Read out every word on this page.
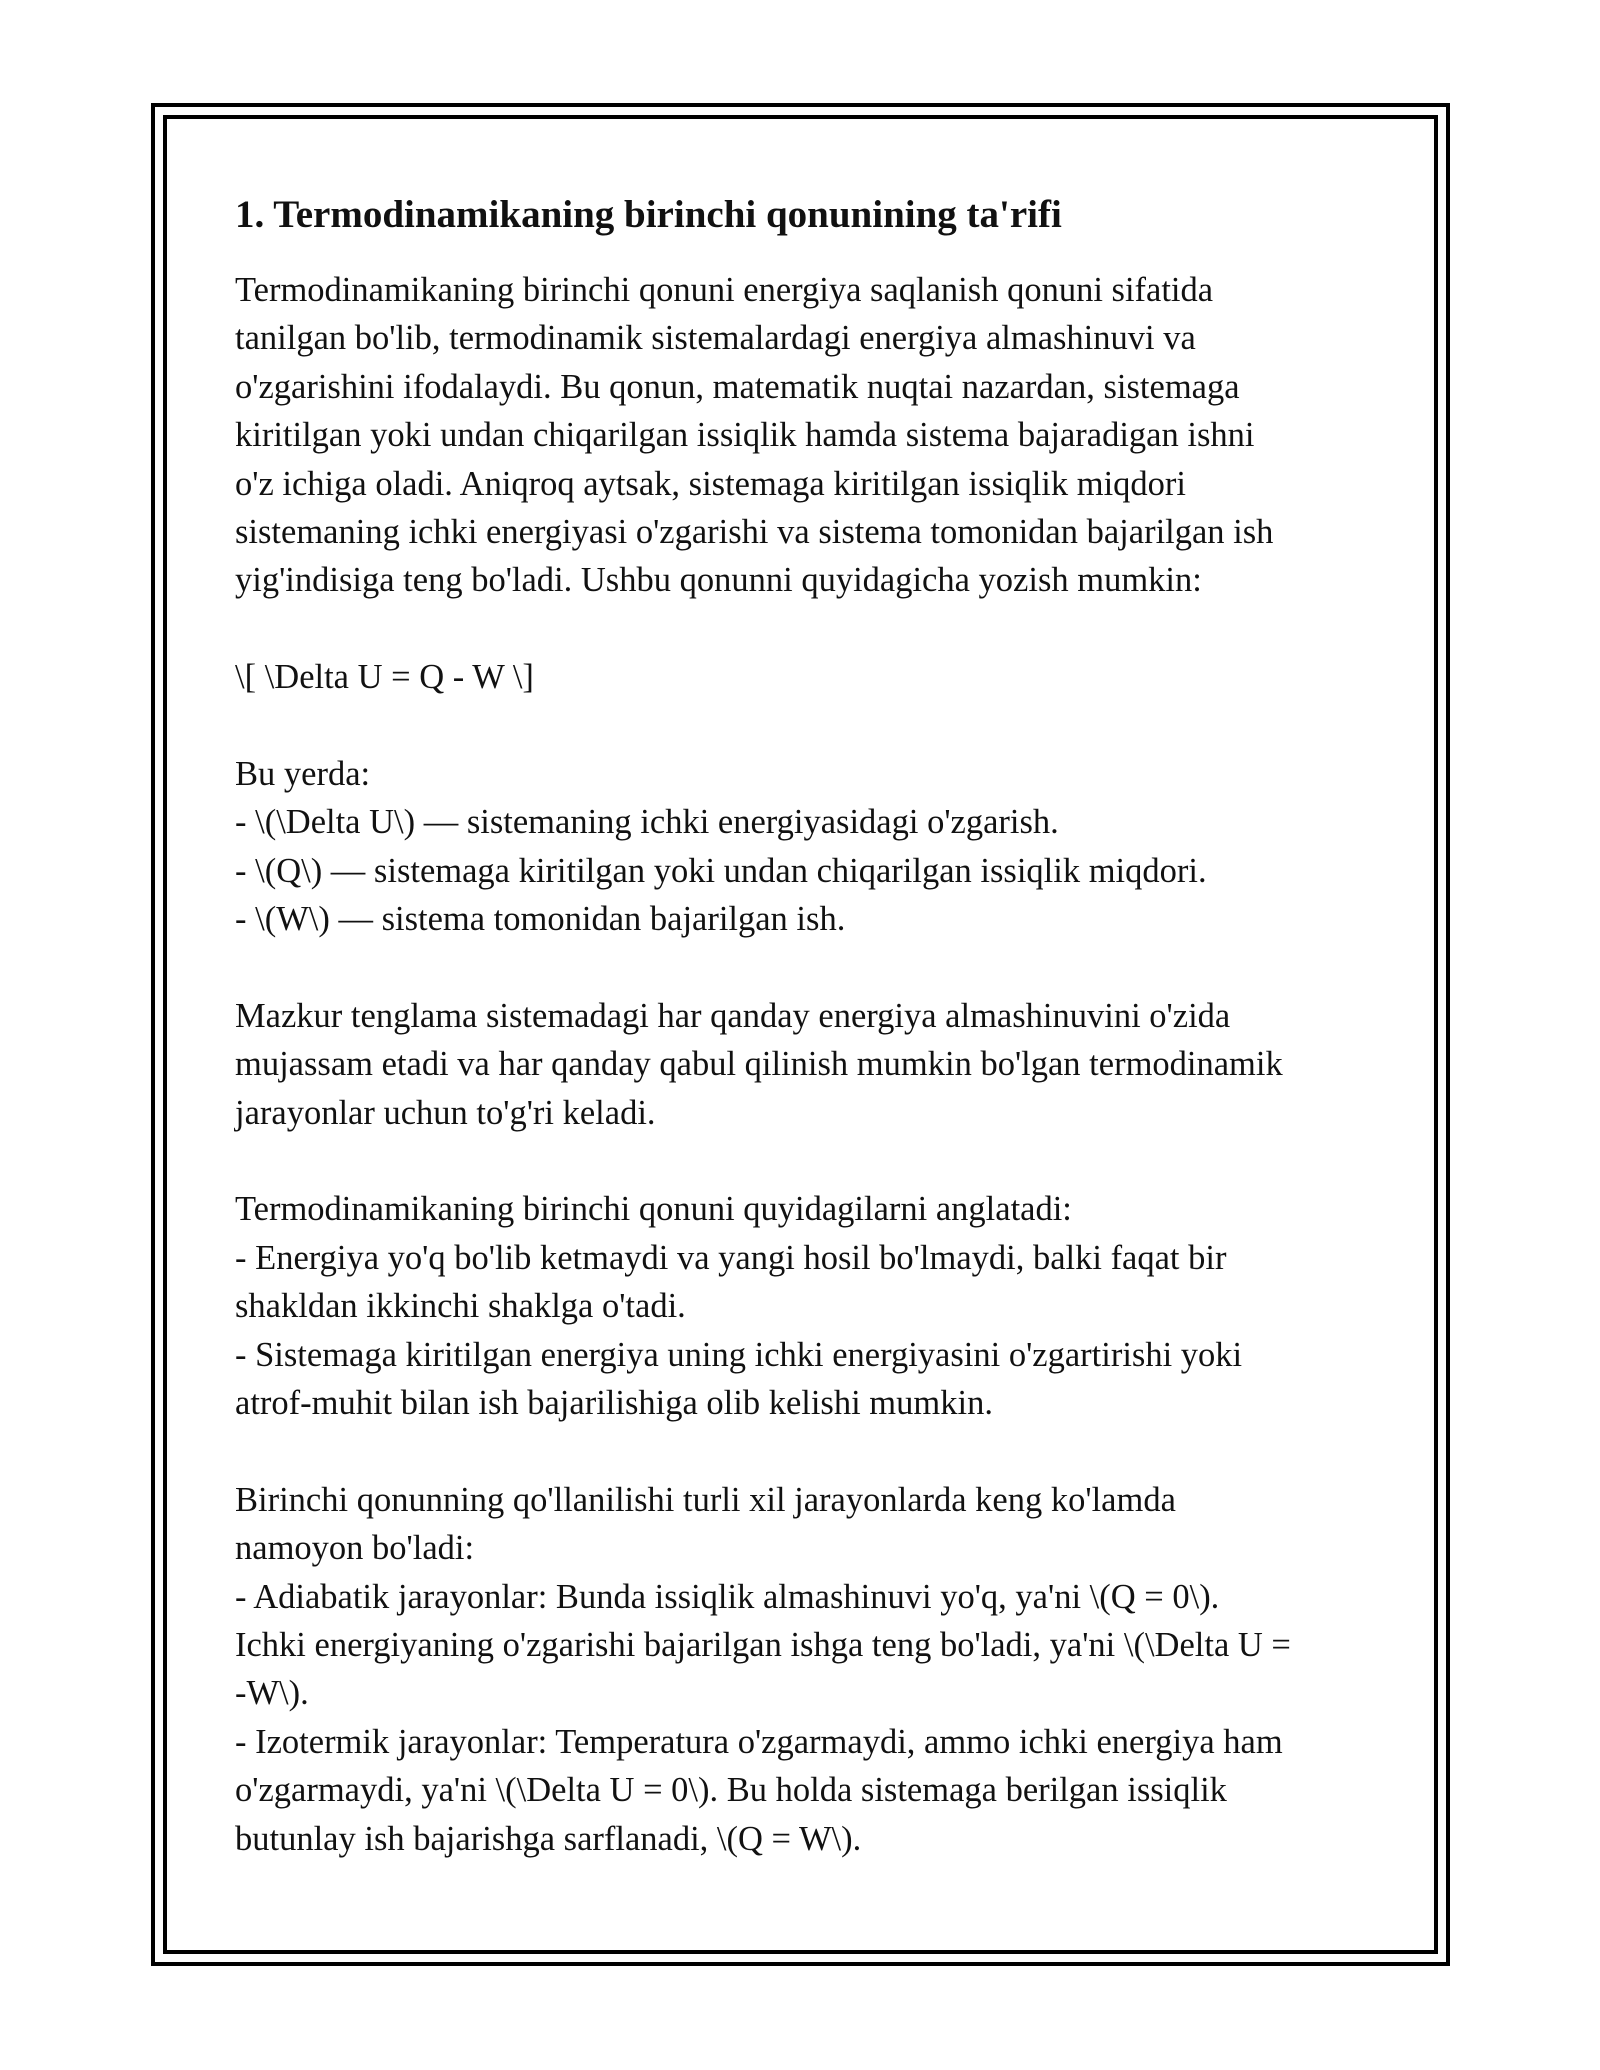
1. Termodinamikaning birinchi qonunining ta'rifi
Termodinamikaning birinchi qonuni energiya saqlanish qonuni sifatida
tanilgan bo'lib, termodinamik sistemalardagi energiya almashinuvi va
o'zgarishini ifodalaydi. Bu qonun, matematik nuqtai nazardan, sistemaga
kiritilgan yoki undan chiqarilgan issiqlik hamda sistema bajaradigan ishni
o'z ichiga oladi. Aniqroq aytsak, sistemaga kiritilgan issiqlik miqdori
sistemaning ichki energiyasi o'zgarishi va sistema tomonidan bajarilgan ish
yig'indisiga teng bo'ladi. Ushbu qonunni quyidagicha yozish mumkin:
\[ \Delta U = Q - W \]
Bu yerda:
- \(\Delta U\) — sistemaning ichki energiyasidagi o'zgarish.
- \(Q\) — sistemaga kiritilgan yoki undan chiqarilgan issiqlik miqdori.
- \(W\) — sistema tomonidan bajarilgan ish.
Mazkur tenglama sistemadagi har qanday energiya almashinuvini o'zida
mujassam etadi va har qanday qabul qilinish mumkin bo'lgan termodinamik
jarayonlar uchun to'g'ri keladi.
Termodinamikaning birinchi qonuni quyidagilarni anglatadi:
- Energiya yo'q bo'lib ketmaydi va yangi hosil bo'lmaydi, balki faqat bir
shakldan ikkinchi shaklga o'tadi.
- Sistemaga kiritilgan energiya uning ichki energiyasini o'zgartirishi yoki
atrof-muhit bilan ish bajarilishiga olib kelishi mumkin.
Birinchi qonunning qo'llanilishi turli xil jarayonlarda keng ko'lamda
namoyon bo'ladi:
- Adiabatik jarayonlar: Bunda issiqlik almashinuvi yo'q, ya'ni \(Q = 0\).
Ichki energiyaning o'zgarishi bajarilgan ishga teng bo'ladi, ya'ni \(\Delta U =
-W\).
- Izotermik jarayonlar: Temperatura o'zgarmaydi, ammo ichki energiya ham
o'zgarmaydi, ya'ni \(\Delta U = 0\). Bu holda sistemaga berilgan issiqlik
butunlay ish bajarishga sarflanadi, \(Q = W\).
